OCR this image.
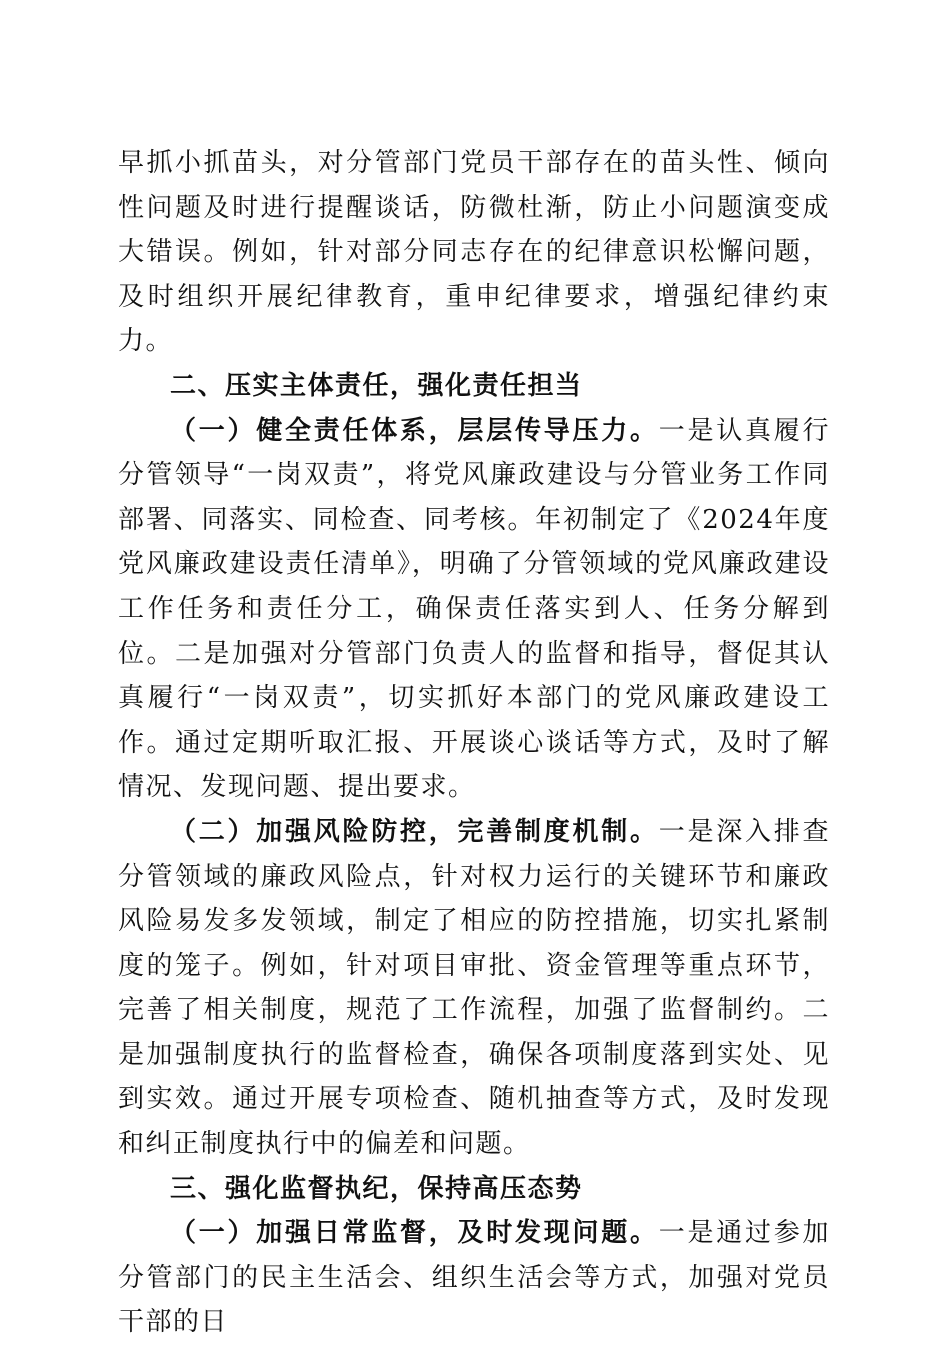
早抓小抓苗头，对分管部门党员干部存在的苗头性、倾向性问题及时进行提醒谈话，防微杜渐，防止小问题演变成大错误。例如，针对部分同志存在的纪律意识松懈问题，及时组织开展纪律教育，重申纪律要求，增强纪律约束力。

二、压实主体责任，强化责任担当

（一）健全责任体系，层层传导压力。一是认真履行分管领导“一岗双责”，将党风廉政建设与分管业务工作同部署、同落实、同检查、同考核。年初制定了《2024年度党风廉政建设责任清单》，明确了分管领域的党风廉政建设工作任务和责任分工，确保责任落实到人、任务分解到位。二是加强对分管部门负责人的监督和指导，督促其认真履行“一岗双责”，切实抓好本部门的党风廉政建设工作。通过定期听取汇报、开展谈心谈话等方式，及时了解情况、发现问题、提出要求。

（二）加强风险防控，完善制度机制。一是深入排查分管领域的廉政风险点，针对权力运行的关键环节和廉政风险易发多发领域，制定了相应的防控措施，切实扎紧制度的笼子。例如，针对项目审批、资金管理等重点环节，完善了相关制度，规范了工作流程，加强了监督制约。二是加强制度执行的监督检查，确保各项制度落到实处、见到实效。通过开展专项检查、随机抽查等方式，及时发现和纠正制度执行中的偏差和问题。

三、强化监督执纪，保持高压态势

（一）加强日常监督，及时发现问题。一是通过参加分管部门的民主生活会、组织生活会等方式，加强对党员干部的日
